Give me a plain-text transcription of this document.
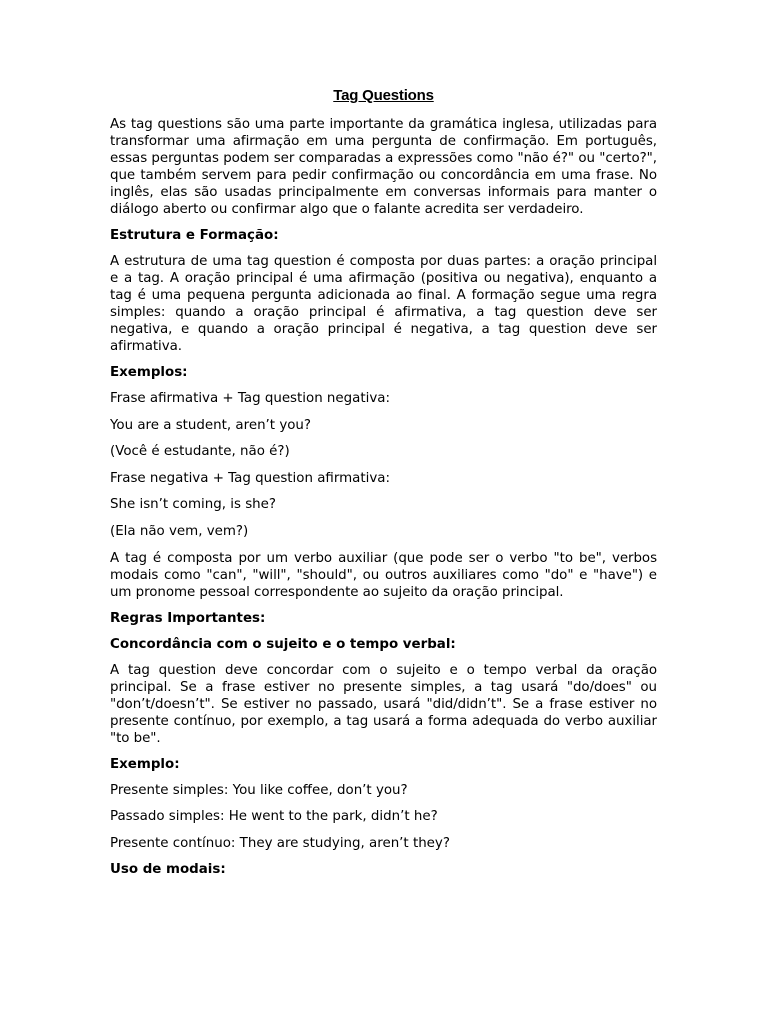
Tag Questions
As tag questions são uma parte importante da gramática inglesa, utilizadas para transformar uma afirmação em uma pergunta de confirmação. Em português, essas perguntas podem ser comparadas a expressões como "não é?" ou "certo?", que também servem para pedir confirmação ou concordância em uma frase. No inglês, elas são usadas principalmente em conversas informais para manter o diálogo aberto ou confirmar algo que o falante acredita ser verdadeiro.
Estrutura e Formação:
A estrutura de uma tag question é composta por duas partes: a oração principal e a tag. A oração principal é uma afirmação (positiva ou negativa), enquanto a tag é uma pequena pergunta adicionada ao final. A formação segue uma regra simples: quando a oração principal é afirmativa, a tag question deve ser negativa, e quando a oração principal é negativa, a tag question deve ser afirmativa.
Exemplos:
Frase afirmativa + Tag question negativa:
You are a student, aren’t you?
(Você é estudante, não é?)
Frase negativa + Tag question afirmativa:
She isn’t coming, is she?
(Ela não vem, vem?)
A tag é composta por um verbo auxiliar (que pode ser o verbo "to be", verbos modais como "can", "will", "should", ou outros auxiliares como "do" e "have") e um pronome pessoal correspondente ao sujeito da oração principal.
Regras Importantes:
Concordância com o sujeito e o tempo verbal:
A tag question deve concordar com o sujeito e o tempo verbal da oração principal. Se a frase estiver no presente simples, a tag usará "do/does" ou "don’t/doesn’t". Se estiver no passado, usará "did/didn’t". Se a frase estiver no presente contínuo, por exemplo, a tag usará a forma adequada do verbo auxiliar "to be".
Exemplo:
Presente simples: You like coffee, don’t you?
Passado simples: He went to the park, didn’t he?
Presente contínuo: They are studying, aren’t they?
Uso de modais:
